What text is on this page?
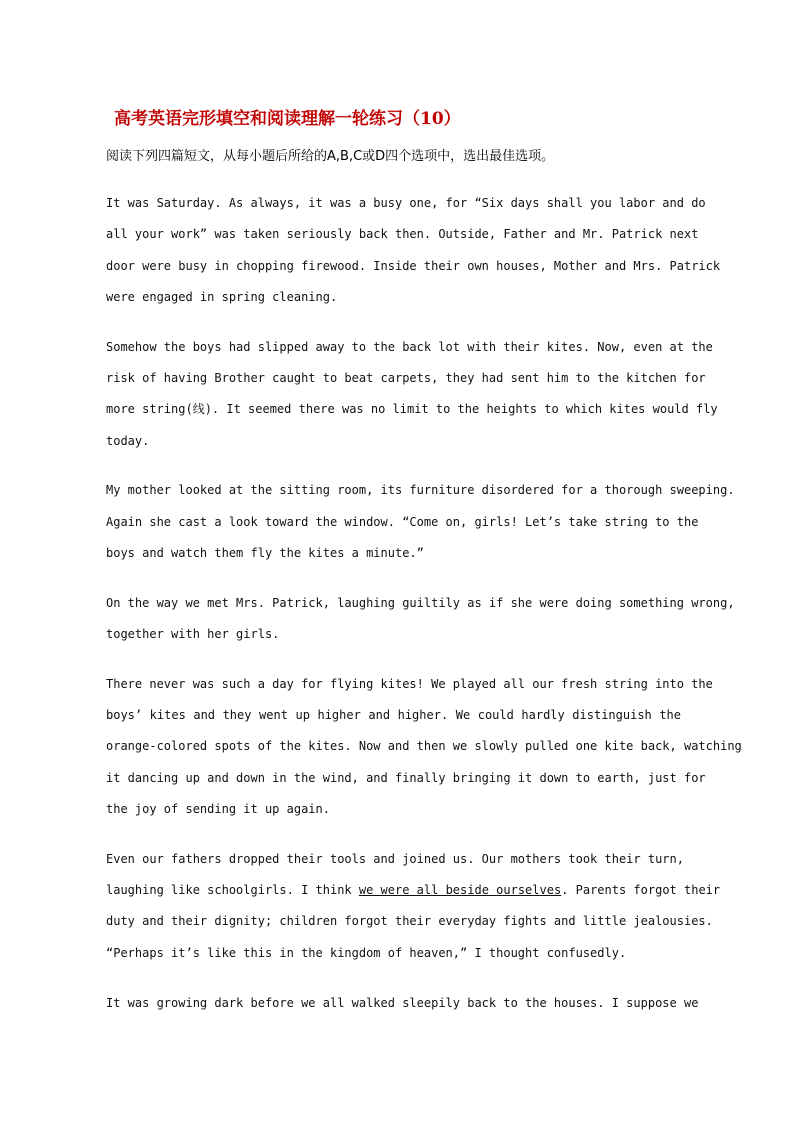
高考英语完形填空和阅读理解一轮练习（10）
阅读下列四篇短文，从每小题后所给的A,B,C或D四个选项中，选出最佳选项。
It was Saturday. As always, it was a busy one, for “Six days shall you labor and do
all your work” was taken seriously back then. Outside, Father and Mr. Patrick next
door were busy in chopping firewood. Inside their own houses, Mother and Mrs. Patrick
were engaged in spring cleaning.
Somehow the boys had slipped away to the back lot with their kites. Now, even at the
risk of having Brother caught to beat carpets, they had sent him to the kitchen for
more string(线). It seemed there was no limit to the heights to which kites would fly
today.
My mother looked at the sitting room, its furniture disordered for a thorough sweeping.
Again she cast a look toward the window. “Come on, girls! Let’s take string to the
boys and watch them fly the kites a minute.”
On the way we met Mrs. Patrick, laughing guiltily as if she were doing something wrong,
together with her girls.
There never was such a day for flying kites! We played all our fresh string into the
boys’ kites and they went up higher and higher. We could hardly distinguish the
orange-colored spots of the kites. Now and then we slowly pulled one kite back, watching
it dancing up and down in the wind, and finally bringing it down to earth, just for
the joy of sending it up again.
Even our fathers dropped their tools and joined us. Our mothers took their turn,
laughing like schoolgirls. I think we were all beside ourselves. Parents forgot their
duty and their dignity; children forgot their everyday fights and little jealousies.
“Perhaps it’s like this in the kingdom of heaven,” I thought confusedly.
It was growing dark before we all walked sleepily back to the houses. I suppose we
